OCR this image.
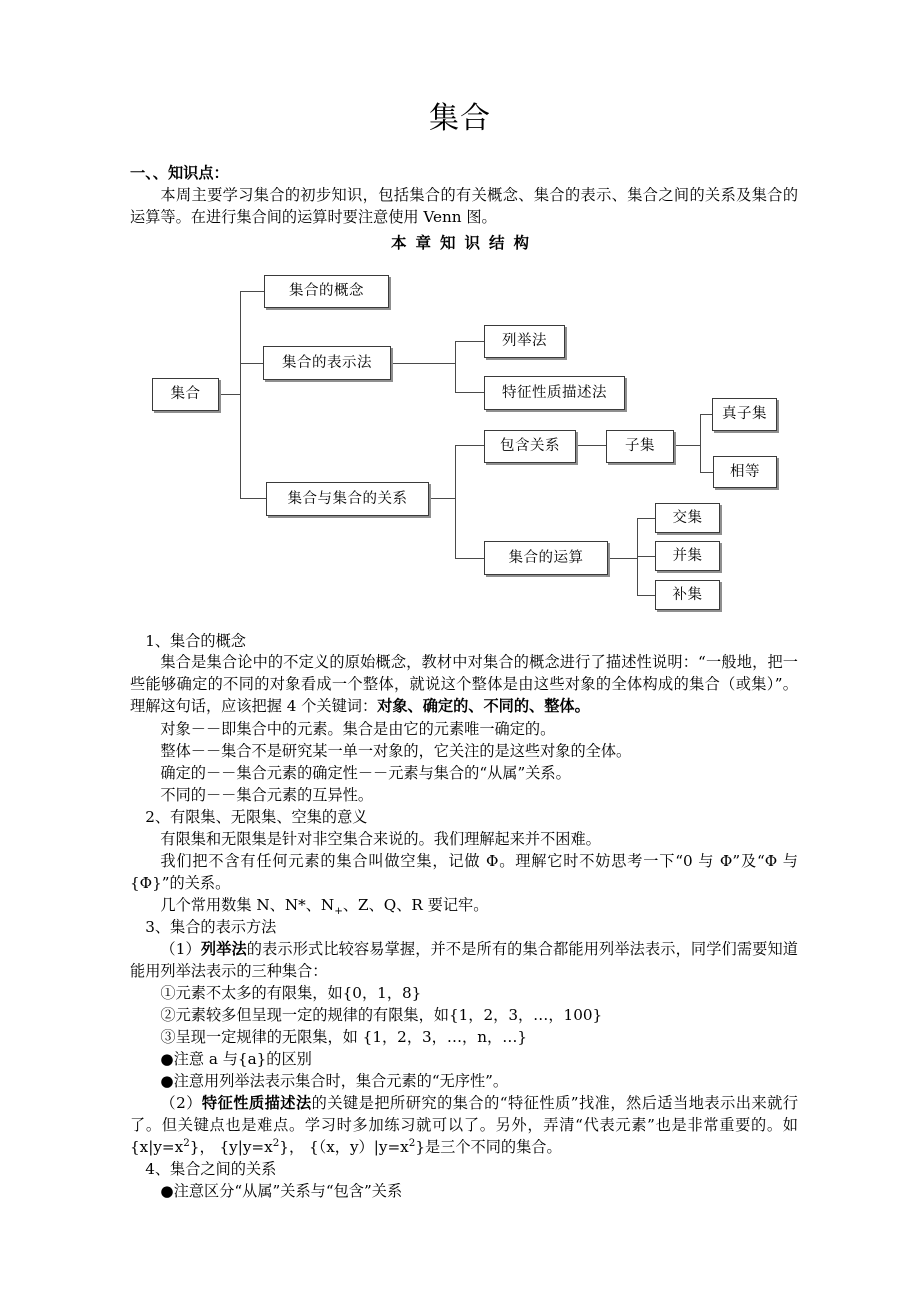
集合
一、、知识点：
本周主要学习集合的初步知识，包括集合的有关概念、集合的表示、集合之间的关系及集合的运算等。在进行集合间的运算时要注意使用 Venn 图。
本章知识结构
集合
集合的概念
集合的表示法
列举法
特征性质描述法
集合与集合的关系
包含关系	子集
真子集
相等
集合的运算
交集
并集
补集
1、集合的概念
集合是集合论中的不定义的原始概念，教材中对集合的概念进行了描述性说明：“一般地，把一些能够确定的不同的对象看成一个整体，就说这个整体是由这些对象的全体构成的集合（或集）”。理解这句话，应该把握 4 个关键词：对象、确定的、不同的、整体。
对象－－即集合中的元素。集合是由它的元素唯一确定的。
整体－－集合不是研究某一单一对象的，它关注的是这些对象的全体。
确定的－－集合元素的确定性－－元素与集合的“从属”关系。
不同的－－集合元素的互异性。
2、有限集、无限集、空集的意义
有限集和无限集是针对非空集合来说的。我们理解起来并不困难。
我们把不含有任何元素的集合叫做空集，记做 Φ。理解它时不妨思考一下“0 与 Φ”及“Φ 与{Φ}”的关系。
几个常用数集 N、N*、$N_+$、Z、Q、R 要记牢。
3、集合的表示方法
（1）列举法的表示形式比较容易掌握，并不是所有的集合都能用列举法表示，同学们需要知道能用列举法表示的三种集合：
①元素不太多的有限集，如{0，1，8}
②元素较多但呈现一定的规律的有限集，如{1，2，3，…，100}
③呈现一定规律的无限集，如 {1，2，3，…，n，…}
●注意 a 与{a}的区别
●注意用列举法表示集合时，集合元素的“无序性”。
（2）特征性质描述法的关键是把所研究的集合的“特征性质”找准，然后适当地表示出来就行了。但关键点也是难点。学习时多加练习就可以了。另外，弄清“代表元素”也是非常重要的。如$\{x|y=x^2\}$， $\{y|y=x^2\}$， {（x，$y)|y=x^2$}是三个不同的集合。
4、集合之间的关系
●注意区分“从属”关系与“包含”关系
